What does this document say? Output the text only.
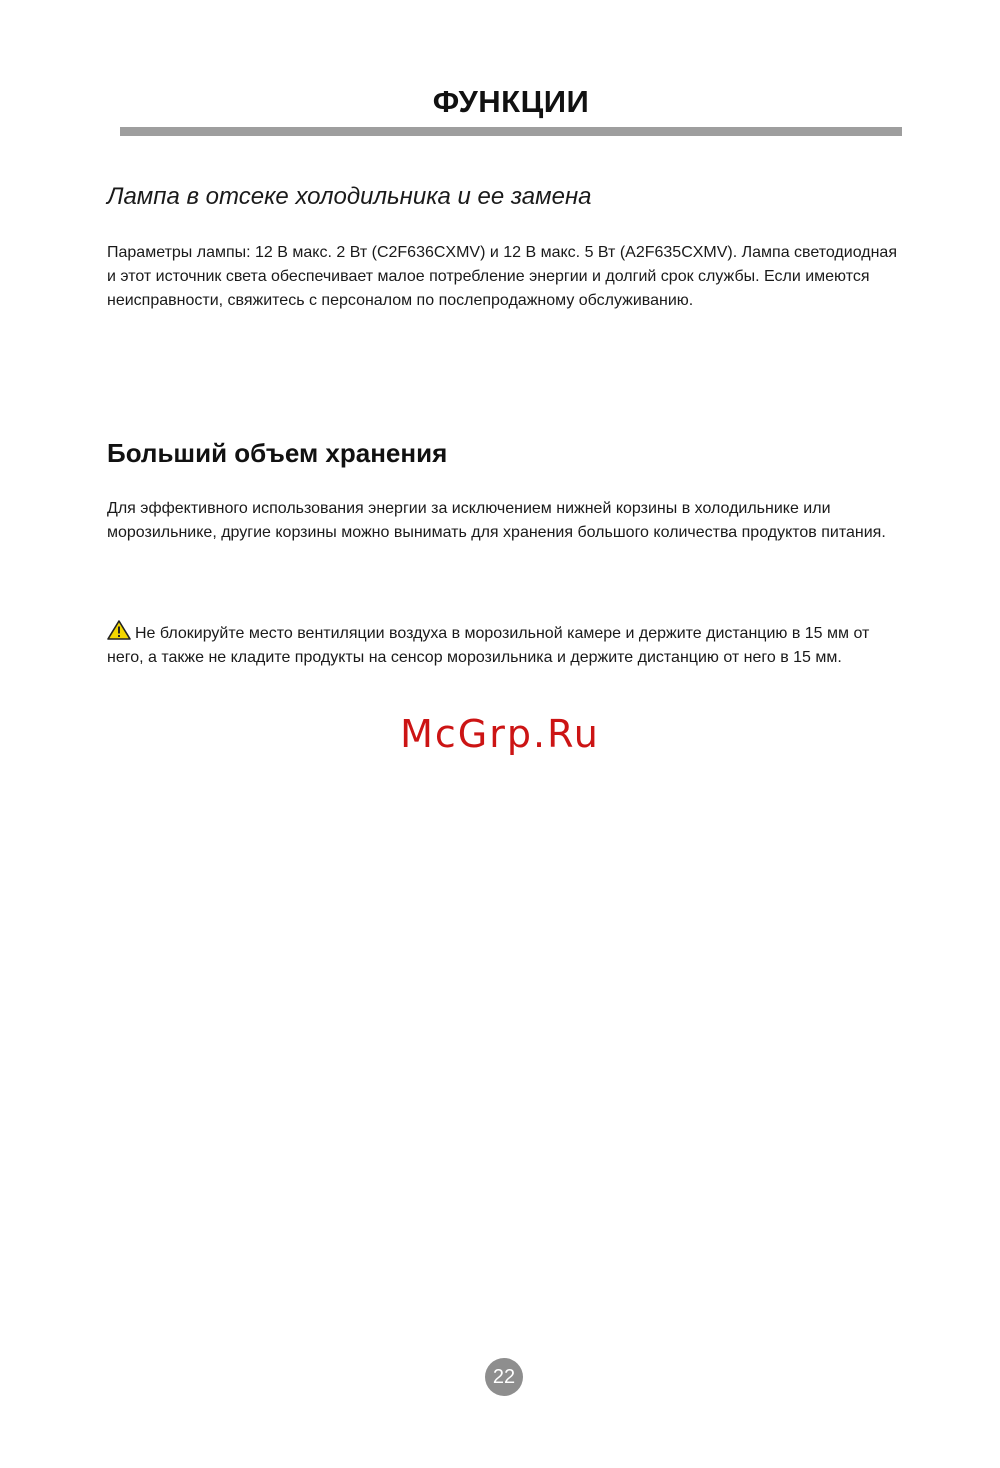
ФУНКЦИИ
Лампа в отсеке холодильника и ее замена

Параметры лампы: 12 В макс. 2 Вт (C2F636CXMV) и 12 В макс. 5 Вт (A2F635CXMV). Лампа светодиодная и этот источник света обеспечивает малое потребление энергии и долгий срок службы. Если имеются неисправности, свяжитесь с персоналом по послепродажному обслуживанию.

Больший объем хранения

Для эффективного использования энергии за исключением нижней корзины в холодильнике или морозильнике, другие корзины можно вынимать для хранения большого количества продуктов питания.

Не блокируйте место вентиляции воздуха в морозильной камере и держите дистанцию в 15 мм от него, а также не кладите продукты на сенсор морозильника и держите дистанцию от него в 15 мм.

McGrp.Ru
22
